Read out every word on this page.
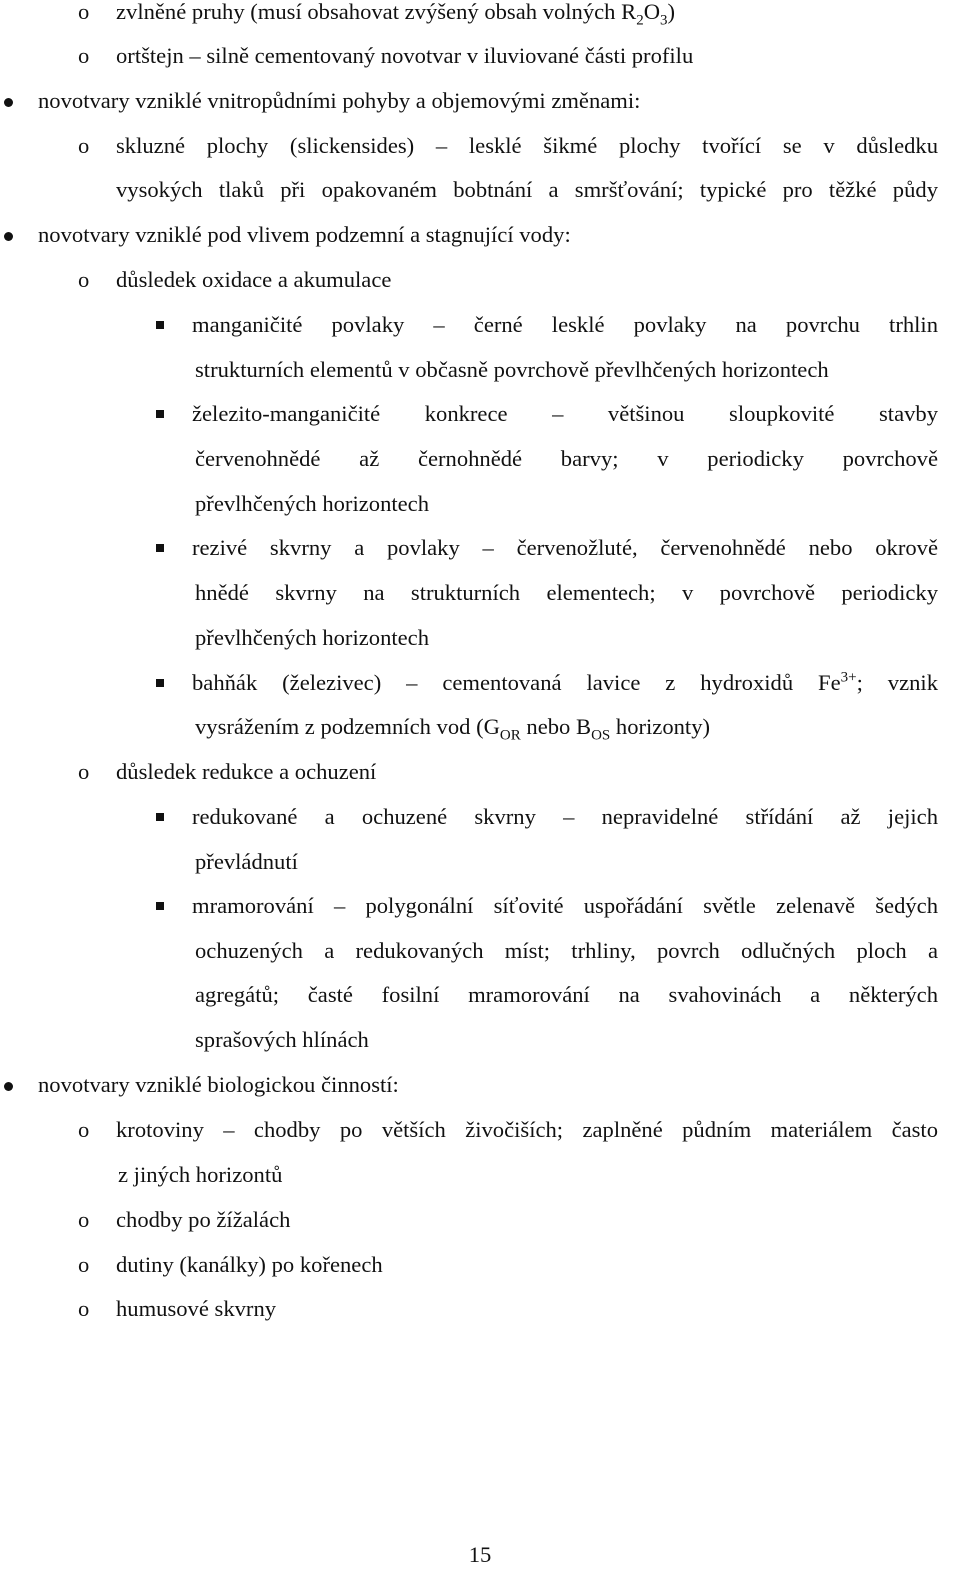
o zvlněné pruhy (musí obsahovat zvýšený obsah volných $R_2O_3$)
o ortštejn – silně cementovaný novotvar v iluviované části profilu
novotvary vzniklé vnitropůdními pohyby a objemovými změnami:
o skluzné plochy (slickensides) – lesklé šikmé plochy tvořící se v důsledku
vysokých tlaků při opakovaném bobtnání a smršťování; typické pro těžké půdy
novotvary vzniklé pod vlivem podzemní a stagnující vody:
o důsledek oxidace a akumulace
manganičité povlaky – černé lesklé povlaky na povrchu trhlin
strukturních elementů v občasně povrchově převlhčených horizontech
železito-manganičité konkrece – většinou sloupkovité stavby
červenohnědé až černohnědé barvy; v periodicky povrchově
převlhčených horizontech
rezivé skvrny a povlaky – červenožluté, červenohnědé nebo okrově
hnědé skvrny na strukturních elementech; v povrchově periodicky
převlhčených horizontech
bahňák (železivec) – cementovaná lavice z hydroxidů $Fe^{3+}$; vznik
vysrážením z podzemních vod ($G_{OR}$ nebo $B_{OS}$ horizonty)
o důsledek redukce a ochuzení
redukované a ochuzené skvrny – nepravidelné střídání až jejich
převládnutí
mramorování – polygonální síťovité uspořádání světle zelenavě šedých
ochuzených a redukovaných míst; trhliny, povrch odlučných ploch a
agregátů; časté fosilní mramorování na svahovinách a některých
sprašových hlínách
novotvary vzniklé biologickou činností:
o krotoviny – chodby po větších živočiších; zaplněné půdním materiálem často
z jiných horizontů
o chodby po žížalách
o dutiny (kanálky) po kořenech
o humusové skvrny
15
